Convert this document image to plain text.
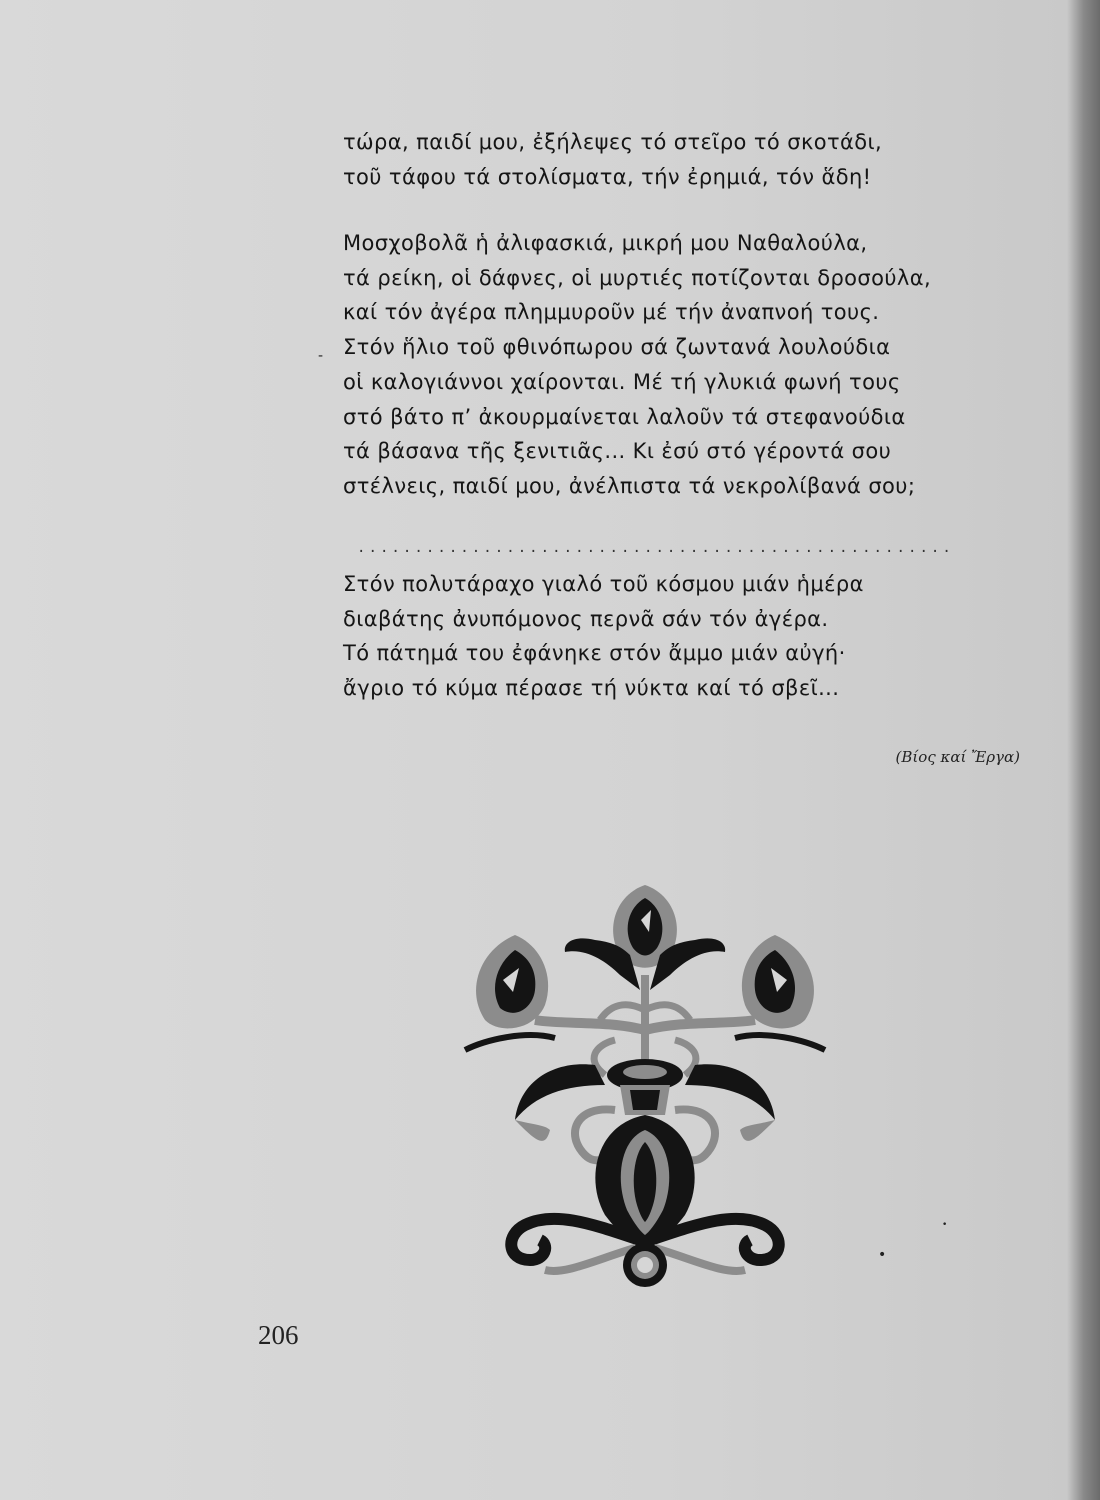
τώρα, παιδί μου, ἐξήλεψες τό στεῖρο τό σκοτάδι,
τοῦ τάφου τά στολίσματα, τήν ἐρημιά, τόν ἅδη!
Μοσχοβολᾶ ἡ ἀλιφασκιά, μικρή μου Ναθαλούλα,
τά ρείκη, οἱ δάφνες, οἱ μυρτιές ποτίζονται δροσούλα,
καί τόν ἀγέρα πλημμυροῦν μέ τήν ἀναπνοή τους.
Στόν ἥλιο τοῦ φθινόπωρου σά ζωντανά λουλούδια
οἱ καλογιάννοι χαίρονται. Μέ τή γλυκιά φωνή τους
στό βάτο π’ ἀκουρμαίνεται λαλοῦν τά στεφανούδια
τά βάσανα τῆς ξενιτιᾶς... Κι ἐσύ στό γέροντά σου
στέλνεις, παιδί μου, ἀνέλπιστα τά νεκρολίβανά σου;
....................................................
Στόν πολυτάραχο γιαλό τοῦ κόσμου μιάν ἡμέρα
διαβάτης ἀνυπόμονος περνᾶ σάν τόν ἀγέρα.
Τό πάτημά του ἐφάνηκε στόν ἄμμο μιάν αὐγή·
ἄγριο τό κύμα πέρασε τή νύκτα καί τό σβεῖ...
(Βίος καί Ἔργα)
-
•
•
206
